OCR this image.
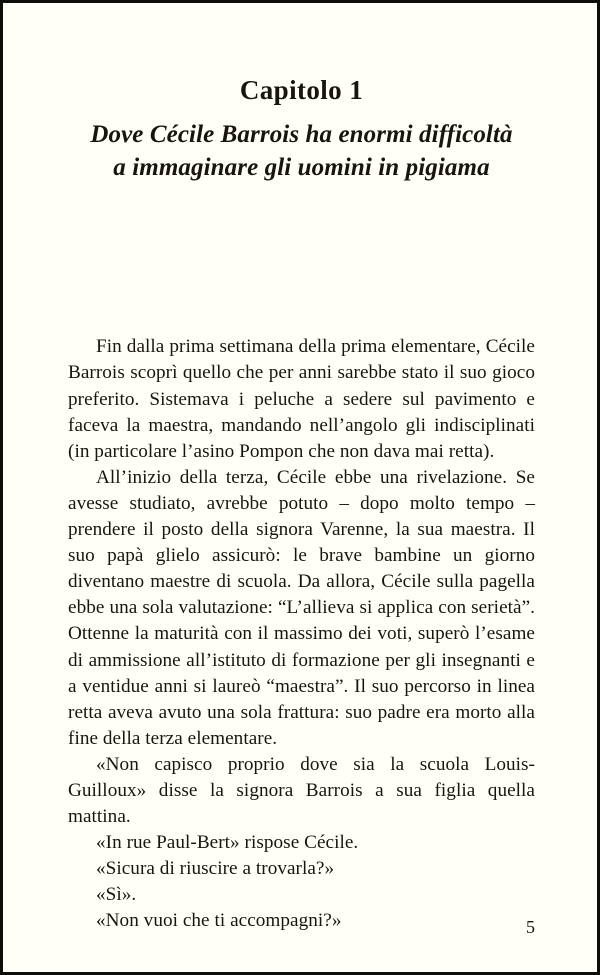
Capitolo 1
Dove Cécile Barrois ha enormi difficoltà
a immaginare gli uomini in pigiama

Fin dalla prima settimana della prima elementare, Cécile Barrois scoprì quello che per anni sarebbe stato il suo gioco preferito. Sistemava i peluche a sedere sul pavimento e faceva la maestra, mandando nell’angolo gli indisciplinati (in particolare l’asino Pompon che non dava mai retta).

All’inizio della terza, Cécile ebbe una rivelazione. Se avesse studiato, avrebbe potuto – dopo molto tempo – prendere il posto della signora Varenne, la sua maestra. Il suo papà glielo assicurò: le brave bambine un giorno diventano maestre di scuola. Da allora, Cécile sulla pagella ebbe una sola valutazione: “L’allieva si applica con serietà”. Ottenne la maturità con il massimo dei voti, superò l’esame di ammissione all’istituto di formazione per gli insegnanti e a ventidue anni si laureò “maestra”. Il suo percorso in linea retta aveva avuto una sola frattura: suo padre era morto alla fine della terza elementare.

«Non capisco proprio dove sia la scuola Louis-Guilloux» disse la signora Barrois a sua figlia quella mattina.

«In rue Paul-Bert» rispose Cécile.

«Sicura di riuscire a trovarla?»

«Sì».

«Non vuoi che ti accompagni?»	5
